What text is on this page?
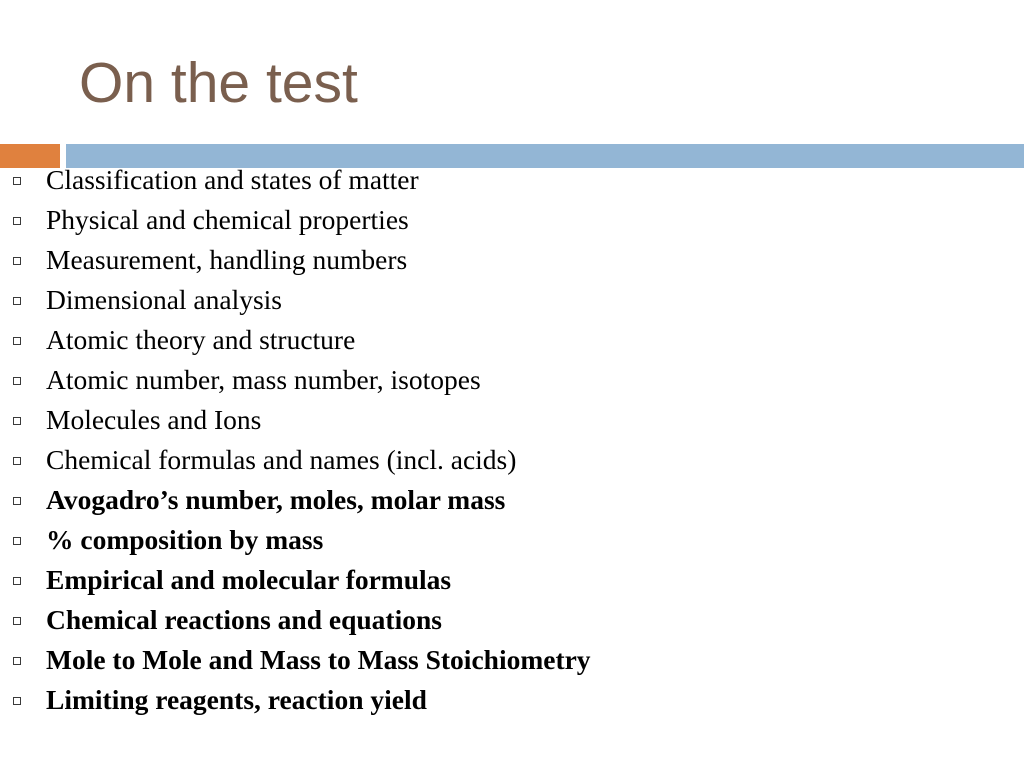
On the test
Classification and states of matter
Physical and chemical properties
Measurement, handling numbers
Dimensional analysis
Atomic theory and structure
Atomic number, mass number, isotopes
Molecules and Ions
Chemical formulas and names (incl. acids)
Avogadro’s number, moles, molar mass
% composition by mass
Empirical and molecular formulas
Chemical reactions and equations
Mole to Mole and Mass to Mass Stoichiometry
Limiting reagents, reaction yield
